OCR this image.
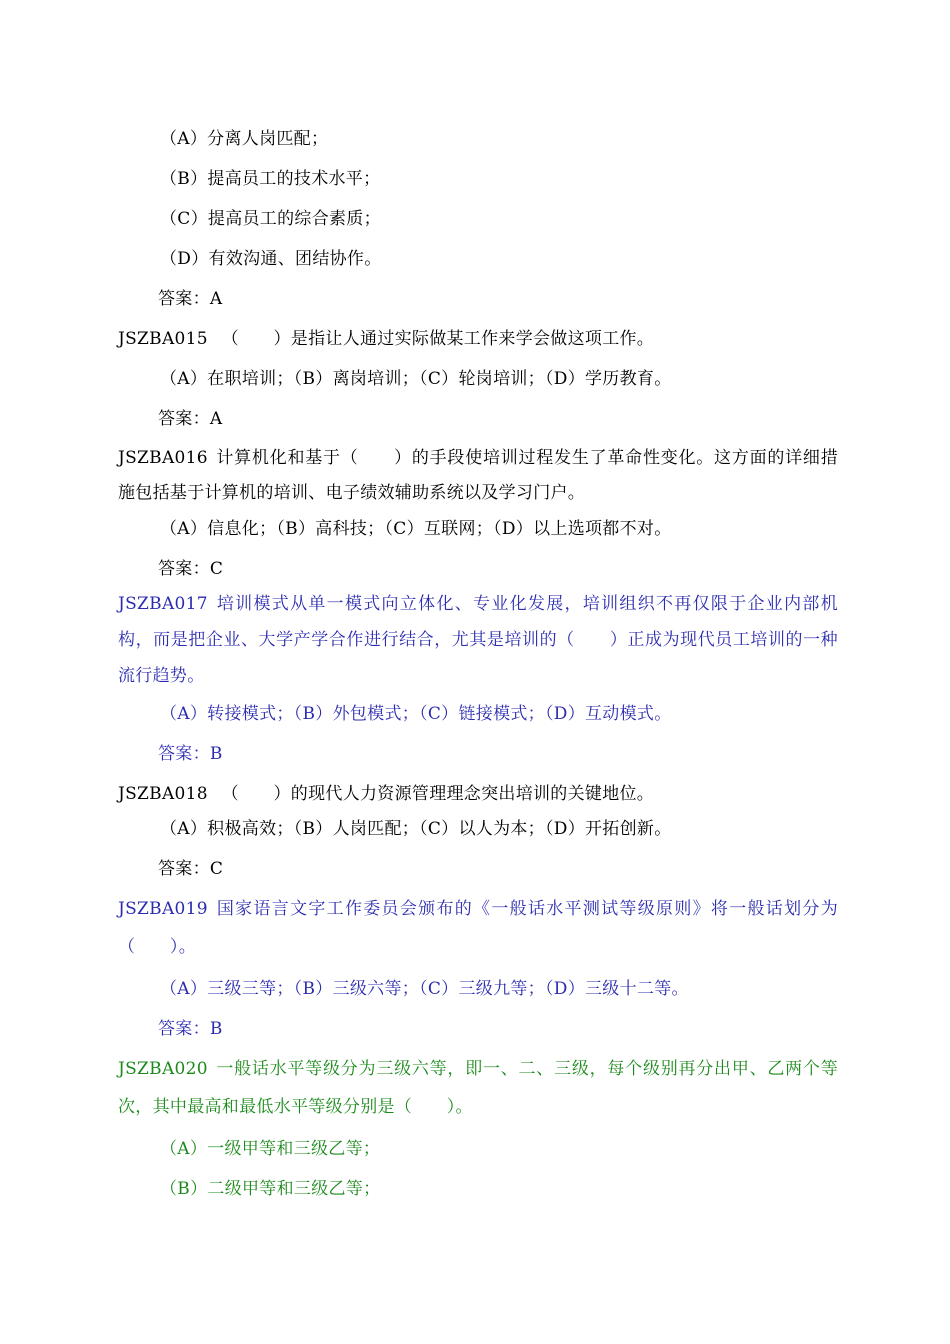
（A）分离人岗匹配；
（B）提高员工的技术水平；
（C）提高员工的综合素质；
（D）有效沟通、团结协作。
答案：A
JSZBA015 （　　）是指让人通过实际做某工作来学会做这项工作。
（A）在职培训；（B）离岗培训；（C）轮岗培训；（D）学历教育。
答案：A
JSZBA016 计算机化和基于（　　）的手段使培训过程发生了革命性变化。这方面的详细措施包括基于计算机的培训、电子绩效辅助系统以及学习门户。
（A）信息化；（B）高科技；（C）互联网；（D）以上选项都不对。
答案：C
JSZBA017 培训模式从单一模式向立体化、专业化发展，培训组织不再仅限于企业内部机构，而是把企业、大学产学合作进行结合，尤其是培训的（　　）正成为现代员工培训的一种流行趋势。
（A）转接模式；（B）外包模式；（C）链接模式；（D）互动模式。
答案：B
JSZBA018 （　　）的现代人力资源管理理念突出培训的关键地位。
（A）积极高效；（B）人岗匹配；（C）以人为本；（D）开拓创新。
答案：C
JSZBA019 国家语言文字工作委员会颁布的《一般话水平测试等级原则》将一般话划分为（　　）。
（A）三级三等；（B）三级六等；（C）三级九等；（D）三级十二等。
答案：B
JSZBA020 一般话水平等级分为三级六等，即一、二、三级，每个级别再分出甲、乙两个等次，其中最高和最低水平等级分别是（　　）。
（A）一级甲等和三级乙等；
（B）二级甲等和三级乙等；
